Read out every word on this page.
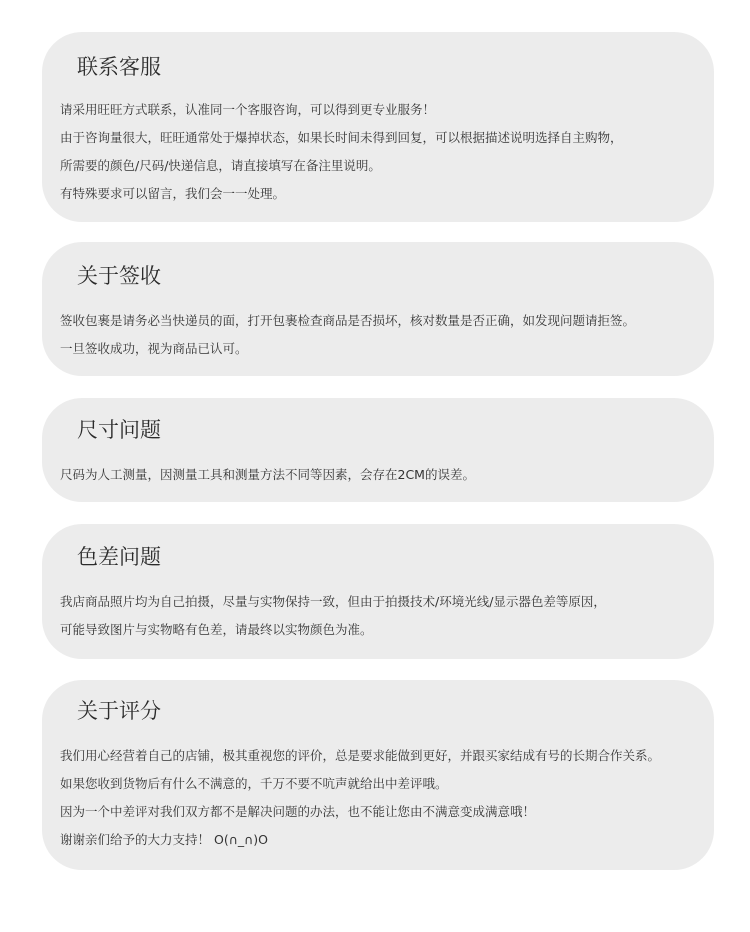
联系客服

请采用旺旺方式联系，认准同一个客服咨询，可以得到更专业服务！

由于咨询量很大，旺旺通常处于爆掉状态，如果长时间未得到回复，可以根据描述说明选择自主购物，

所需要的颜色/尺码/快递信息，请直接填写在备注里说明。

有特殊要求可以留言，我们会一一处理。

关于签收

签收包裹是请务必当快递员的面，打开包裹检查商品是否损坏，核对数量是否正确，如发现问题请拒签。

一旦签收成功，视为商品已认可。

尺寸问题

尺码为人工测量，因测量工具和测量方法不同等因素，会存在2CM的误差。

色差问题

我店商品照片均为自己拍摄，尽量与实物保持一致，但由于拍摄技术/环境光线/显示器色差等原因，

可能导致图片与实物略有色差，请最终以实物颜色为准。

关于评分

我们用心经营着自己的店铺，极其重视您的评价，总是要求能做到更好，并跟买家结成有号的长期合作关系。

如果您收到货物后有什么不满意的，千万不要不吭声就给出中差评哦。

因为一个中差评对我们双方都不是解决问题的办法，也不能让您由不满意变成满意哦！

谢谢亲们给予的大力支持！ O(∩_∩)O
